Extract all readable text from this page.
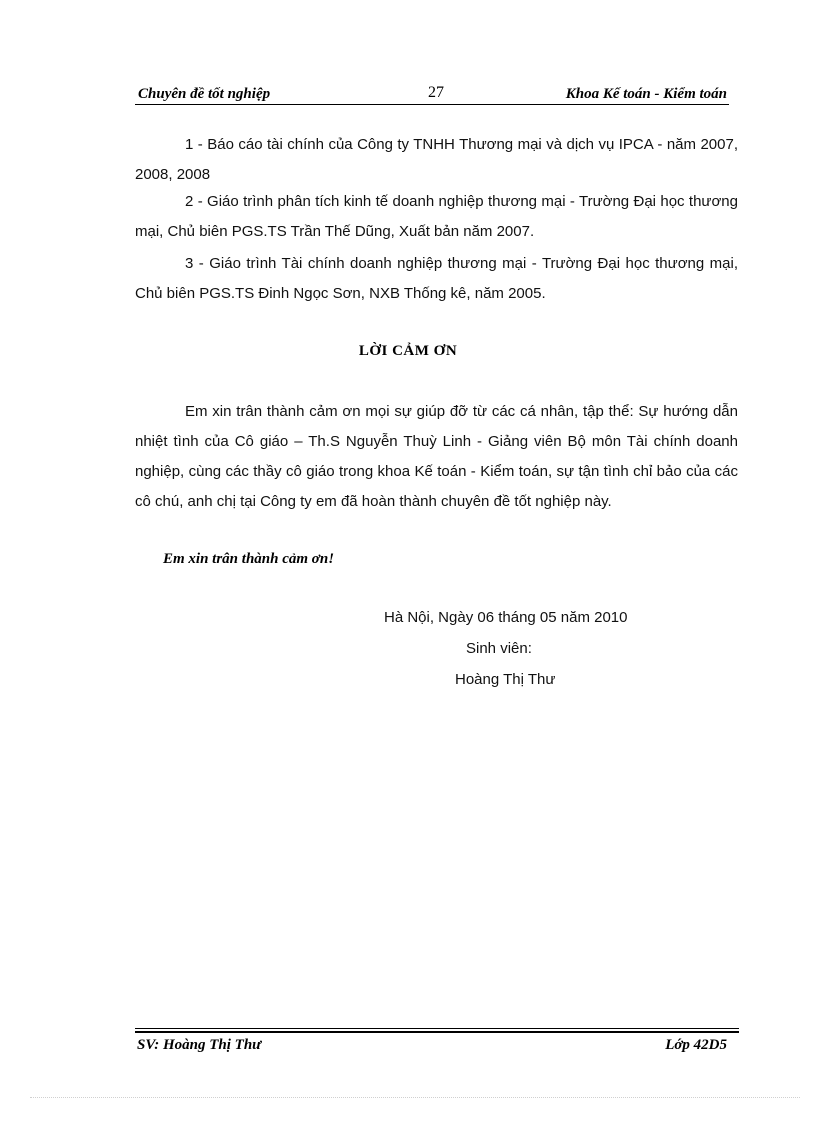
Chuyên đề tốt nghiệp	27	Khoa Kế toán - Kiểm toán

1 - Báo cáo tài chính của Công ty TNHH Thương mại và dịch vụ IPCA - năm 2007, 2008, 2008

2 - Giáo trình phân tích kinh tế doanh nghiệp thương mại - Trường Đại học thương mại, Chủ biên PGS.TS Trần Thế Dũng, Xuất bản năm 2007.

3 - Giáo trình Tài chính doanh nghiệp thương mại - Trường Đại học thương mại, Chủ biên PGS.TS Đinh Ngọc Sơn, NXB Thống kê, năm 2005.

LỜI CẢM ƠN

Em xin trân thành cảm ơn mọi sự giúp đỡ từ các cá nhân, tập thể: Sự hướng dẫn nhiệt tình của Cô giáo – Th.S Nguyễn Thuỳ Linh - Giảng viên Bộ môn Tài chính doanh nghiệp, cùng các thầy cô giáo trong khoa Kế toán - Kiểm toán, sự tận tình chỉ bảo của các cô chú, anh chị tại Công ty em đã hoàn thành chuyên đề tốt nghiệp này.

Em xin trân thành cảm ơn!
Hà Nội, Ngày 06 tháng 05 năm 2010
Sinh viên:
Hoàng Thị Thư
SV: Hoàng Thị Thư	Lớp 42D5
